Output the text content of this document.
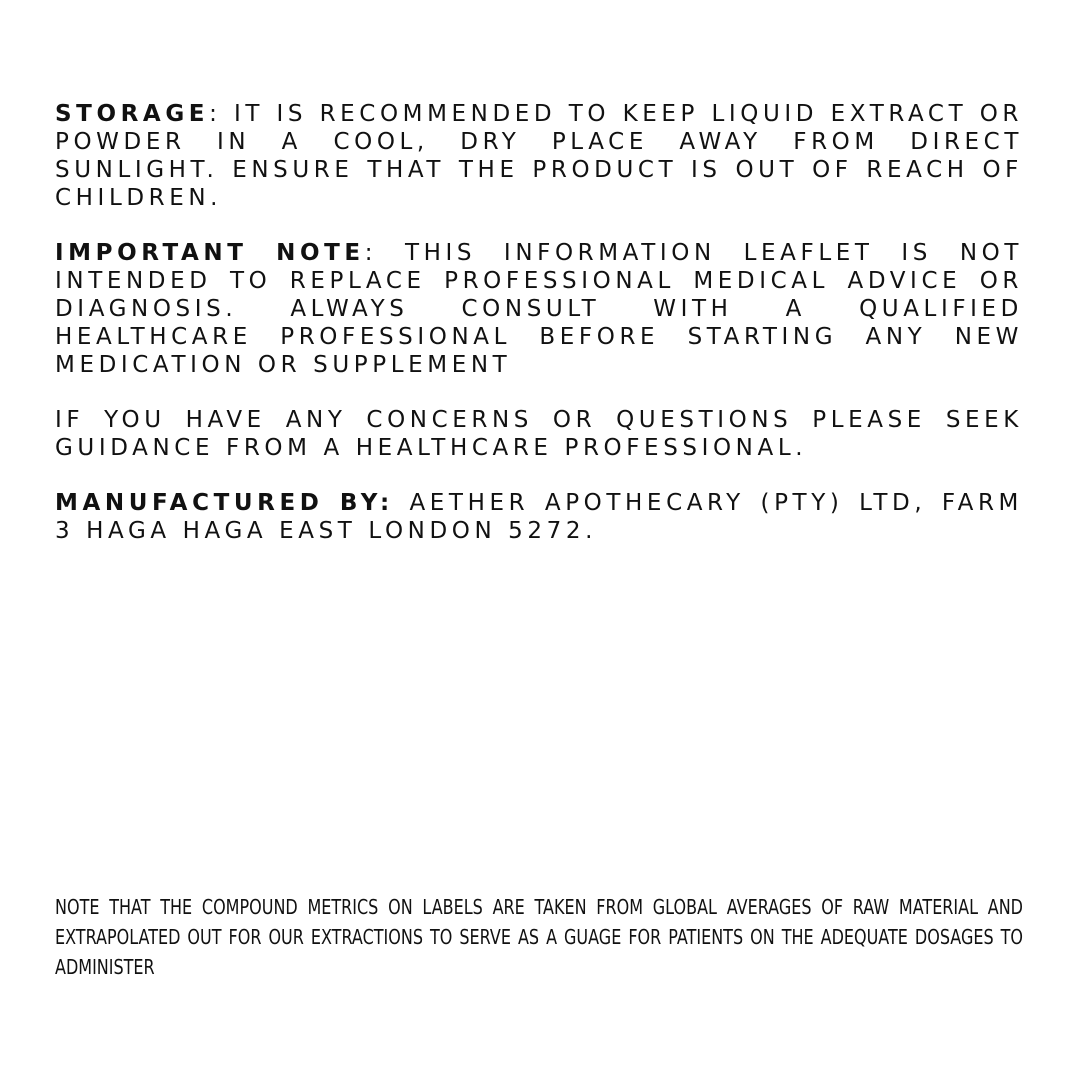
STORAGE: IT IS RECOMMENDED TO KEEP LIQUID EXTRACT OR POWDER IN A COOL, DRY PLACE AWAY FROM DIRECT SUNLIGHT. ENSURE THAT THE PRODUCT IS OUT OF REACH OF CHILDREN.

IMPORTANT NOTE: THIS INFORMATION LEAFLET IS NOT INTENDED TO REPLACE PROFESSIONAL MEDICAL ADVICE OR DIAGNOSIS. ALWAYS CONSULT WITH A QUALIFIED HEALTHCARE PROFESSIONAL BEFORE STARTING ANY NEW MEDICATION OR SUPPLEMENT

IF YOU HAVE ANY CONCERNS OR QUESTIONS PLEASE SEEK GUIDANCE FROM A HEALTHCARE PROFESSIONAL.

MANUFACTURED BY: AETHER APOTHECARY (PTY) LTD, FARM 3 HAGA HAGA EAST LONDON 5272.

NOTE THAT THE COMPOUND METRICS ON LABELS ARE TAKEN FROM GLOBAL AVERAGES OF RAW MATERIAL AND EXTRAPOLATED OUT FOR OUR EXTRACTIONS TO SERVE AS A GUAGE FOR PATIENTS ON THE ADEQUATE DOSAGES TO ADMINISTER
